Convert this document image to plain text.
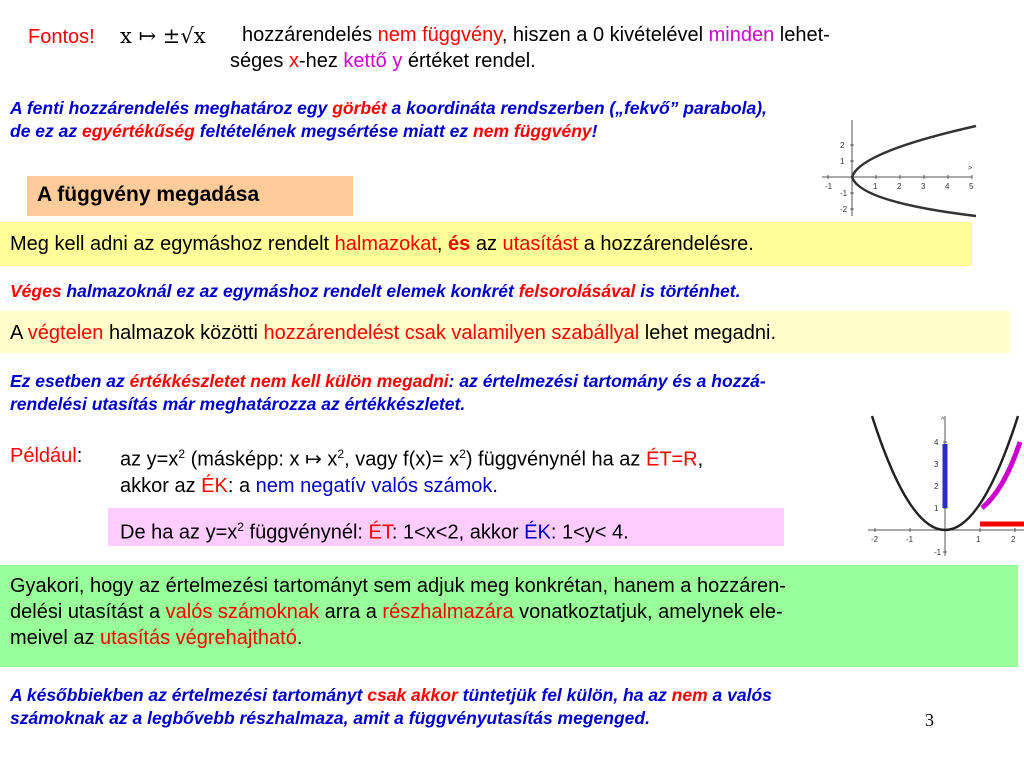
Fontos! x ↦ ±√x hozzárendelés nem függvény, hiszen a 0 kivételével minden lehet-
séges x-hez kettő y értéket rendel.
A fenti hozzárendelés meghatároz egy görbét a koordináta rendszerben („fekvő” parabola),
de ez az egyértékűség feltételének megsértése miatt ez nem függvény!
-1	1 2 3 4 5
2
1
-1
-2
>
A függvény megadása
Meg kell adni az egymáshoz rendelt halmazokat, és az utasítást a hozzárendelésre.
Véges halmazoknál ez az egymáshoz rendelt elemek konkrét felsorolásával is történhet.
A végtelen halmazok közötti hozzárendelést csak valamilyen szabállyal lehet megadni.
Ez esetben az értékkészletet nem kell külön megadni: az értelmezési tartomány és a hozzá-
rendelési utasítás már meghatározza az értékkészletet.
Például: az $y=x^2$ (másképp: x ↦ $x^2$, vagy $f(x)= x^2$) függvénynél ha az ÉT=R,
akkor az ÉK: a nem negatív valós számok.
De ha az $y=x^2$ függvénynél: ÉT: 1<x<2, akkor ÉK: 1<y< 4.	-2	-1	1	2
4
3
2
1
-1
^
Gyakori, hogy az értelmezési tartományt sem adjuk meg konkrétan, hanem a hozzáren-
delési utasítást a valós számoknak arra a részhalmazára vonatkoztatjuk, amelynek ele-
meivel az utasítás végrehajtható.
A későbbiekben az értelmezési tartományt csak akkor tüntetjük fel külön, ha az nem a valós
számoknak az a legbővebb részhalmaza, amit a függvényutasítás megenged.	3
